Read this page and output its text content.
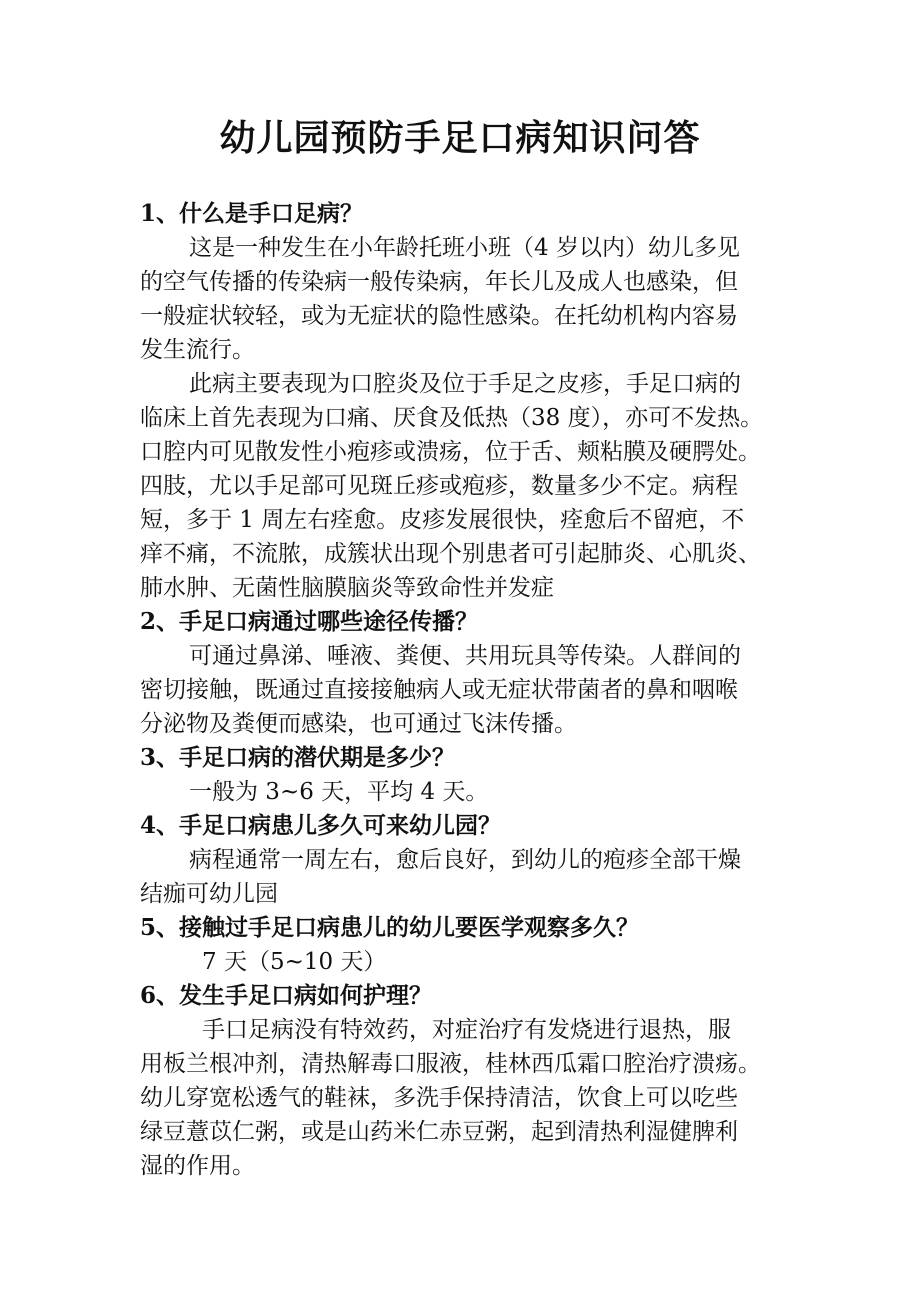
幼儿园预防手足口病知识问答
1、什么是手口足病？
这是一种发生在小年龄托班小班（4 岁以内）幼儿多见
的空气传播的传染病一般传染病，年长儿及成人也感染，但
一般症状较轻，或为无症状的隐性感染。在托幼机构内容易
发生流行。
此病主要表现为口腔炎及位于手足之皮疹，手足口病的
临床上首先表现为口痛、厌食及低热（38 度），亦可不发热。
口腔内可见散发性小疱疹或溃疡，位于舌、颊粘膜及硬腭处。
四肢，尤以手足部可见斑丘疹或疱疹，数量多少不定。病程
短，多于 1 周左右痊愈。皮疹发展很快，痊愈后不留疤，不
痒不痛，不流脓，成簇状出现个别患者可引起肺炎、心肌炎、
肺水肿、无菌性脑膜脑炎等致命性并发症
2、手足口病通过哪些途径传播？
可通过鼻涕、唾液、粪便、共用玩具等传染。人群间的
密切接触，既通过直接接触病人或无症状带菌者的鼻和咽喉
分泌物及粪便而感染，也可通过飞沫传播。
3、手足口病的潜伏期是多少？
一般为 3~6 天，平均 4 天。
4、手足口病患儿多久可来幼儿园？
病程通常一周左右，愈后良好，到幼儿的疱疹全部干燥
结痂可幼儿园
5、接触过手足口病患儿的幼儿要医学观察多久？
7 天（5~10 天）
6、发生手足口病如何护理？
手口足病没有特效药，对症治疗有发烧进行退热，服
用板兰根冲剂，清热解毒口服液，桂林西瓜霜口腔治疗溃疡。
幼儿穿宽松透气的鞋袜，多洗手保持清洁，饮食上可以吃些
绿豆薏苡仁粥，或是山药米仁赤豆粥，起到清热利湿健脾利
湿的作用。
